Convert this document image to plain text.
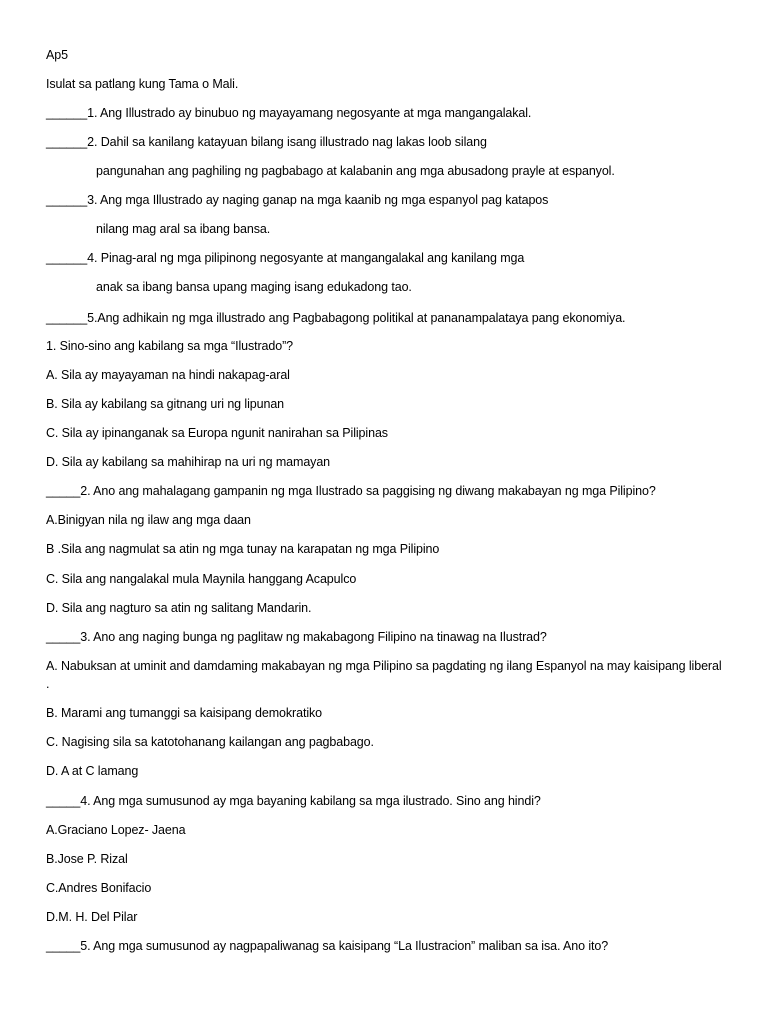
Ap5
Isulat sa patlang kung Tama o Mali.
______1. Ang Illustrado ay binubuo ng mayayamang negosyante at mga mangangalakal.
______2. Dahil sa kanilang katayuan bilang isang illustrado nag lakas loob silang
pangunahan ang paghiling ng pagbabago at kalabanin ang mga abusadong prayle at espanyol.
______3. Ang mga Illustrado ay naging ganap na mga kaanib ng mga espanyol pag katapos
nilang mag aral sa ibang bansa.
______4. Pinag-aral ng mga pilipinong negosyante at mangangalakal ang kanilang mga
anak sa ibang bansa upang maging isang edukadong tao.
______5.Ang adhikain ng mga illustrado ang Pagbabagong politikal at pananampalataya pang ekonomiya.
1. Sino-sino ang kabilang sa mga “Ilustrado”?
A. Sila ay mayayaman na hindi nakapag-aral
B. Sila ay kabilang sa gitnang uri ng lipunan
C. Sila ay ipinanganak sa Europa ngunit nanirahan sa Pilipinas
D. Sila ay kabilang sa mahihirap na uri ng mamayan
_____2. Ano ang mahalagang gampanin ng mga Ilustrado sa paggising ng diwang makabayan ng mga Pilipino?
A.Binigyan nila ng ilaw ang mga daan
B .Sila ang nagmulat sa atin ng mga tunay na karapatan ng mga Pilipino
C. Sila ang nangalakal mula Maynila hanggang Acapulco
D. Sila ang nagturo sa atin ng salitang Mandarin.
_____3. Ano ang naging bunga ng paglitaw ng makabagong Filipino na tinawag na Ilustrad?
A. Nabuksan at uminit and damdaming makabayan ng mga Pilipino sa pagdating ng ilang Espanyol na may kaisipang liberal .
B. Marami ang tumanggi sa kaisipang demokratiko
C. Nagising sila sa katotohanang kailangan ang pagbabago.
D. A at C lamang
_____4. Ang mga sumusunod ay mga bayaning kabilang sa mga ilustrado. Sino ang hindi?
A.Graciano Lopez- Jaena
B.Jose P. Rizal
C.Andres Bonifacio
D.M. H. Del Pilar
_____5. Ang mga sumusunod ay nagpapaliwanag sa kaisipang “La Ilustracion” maliban sa isa. Ano ito?
